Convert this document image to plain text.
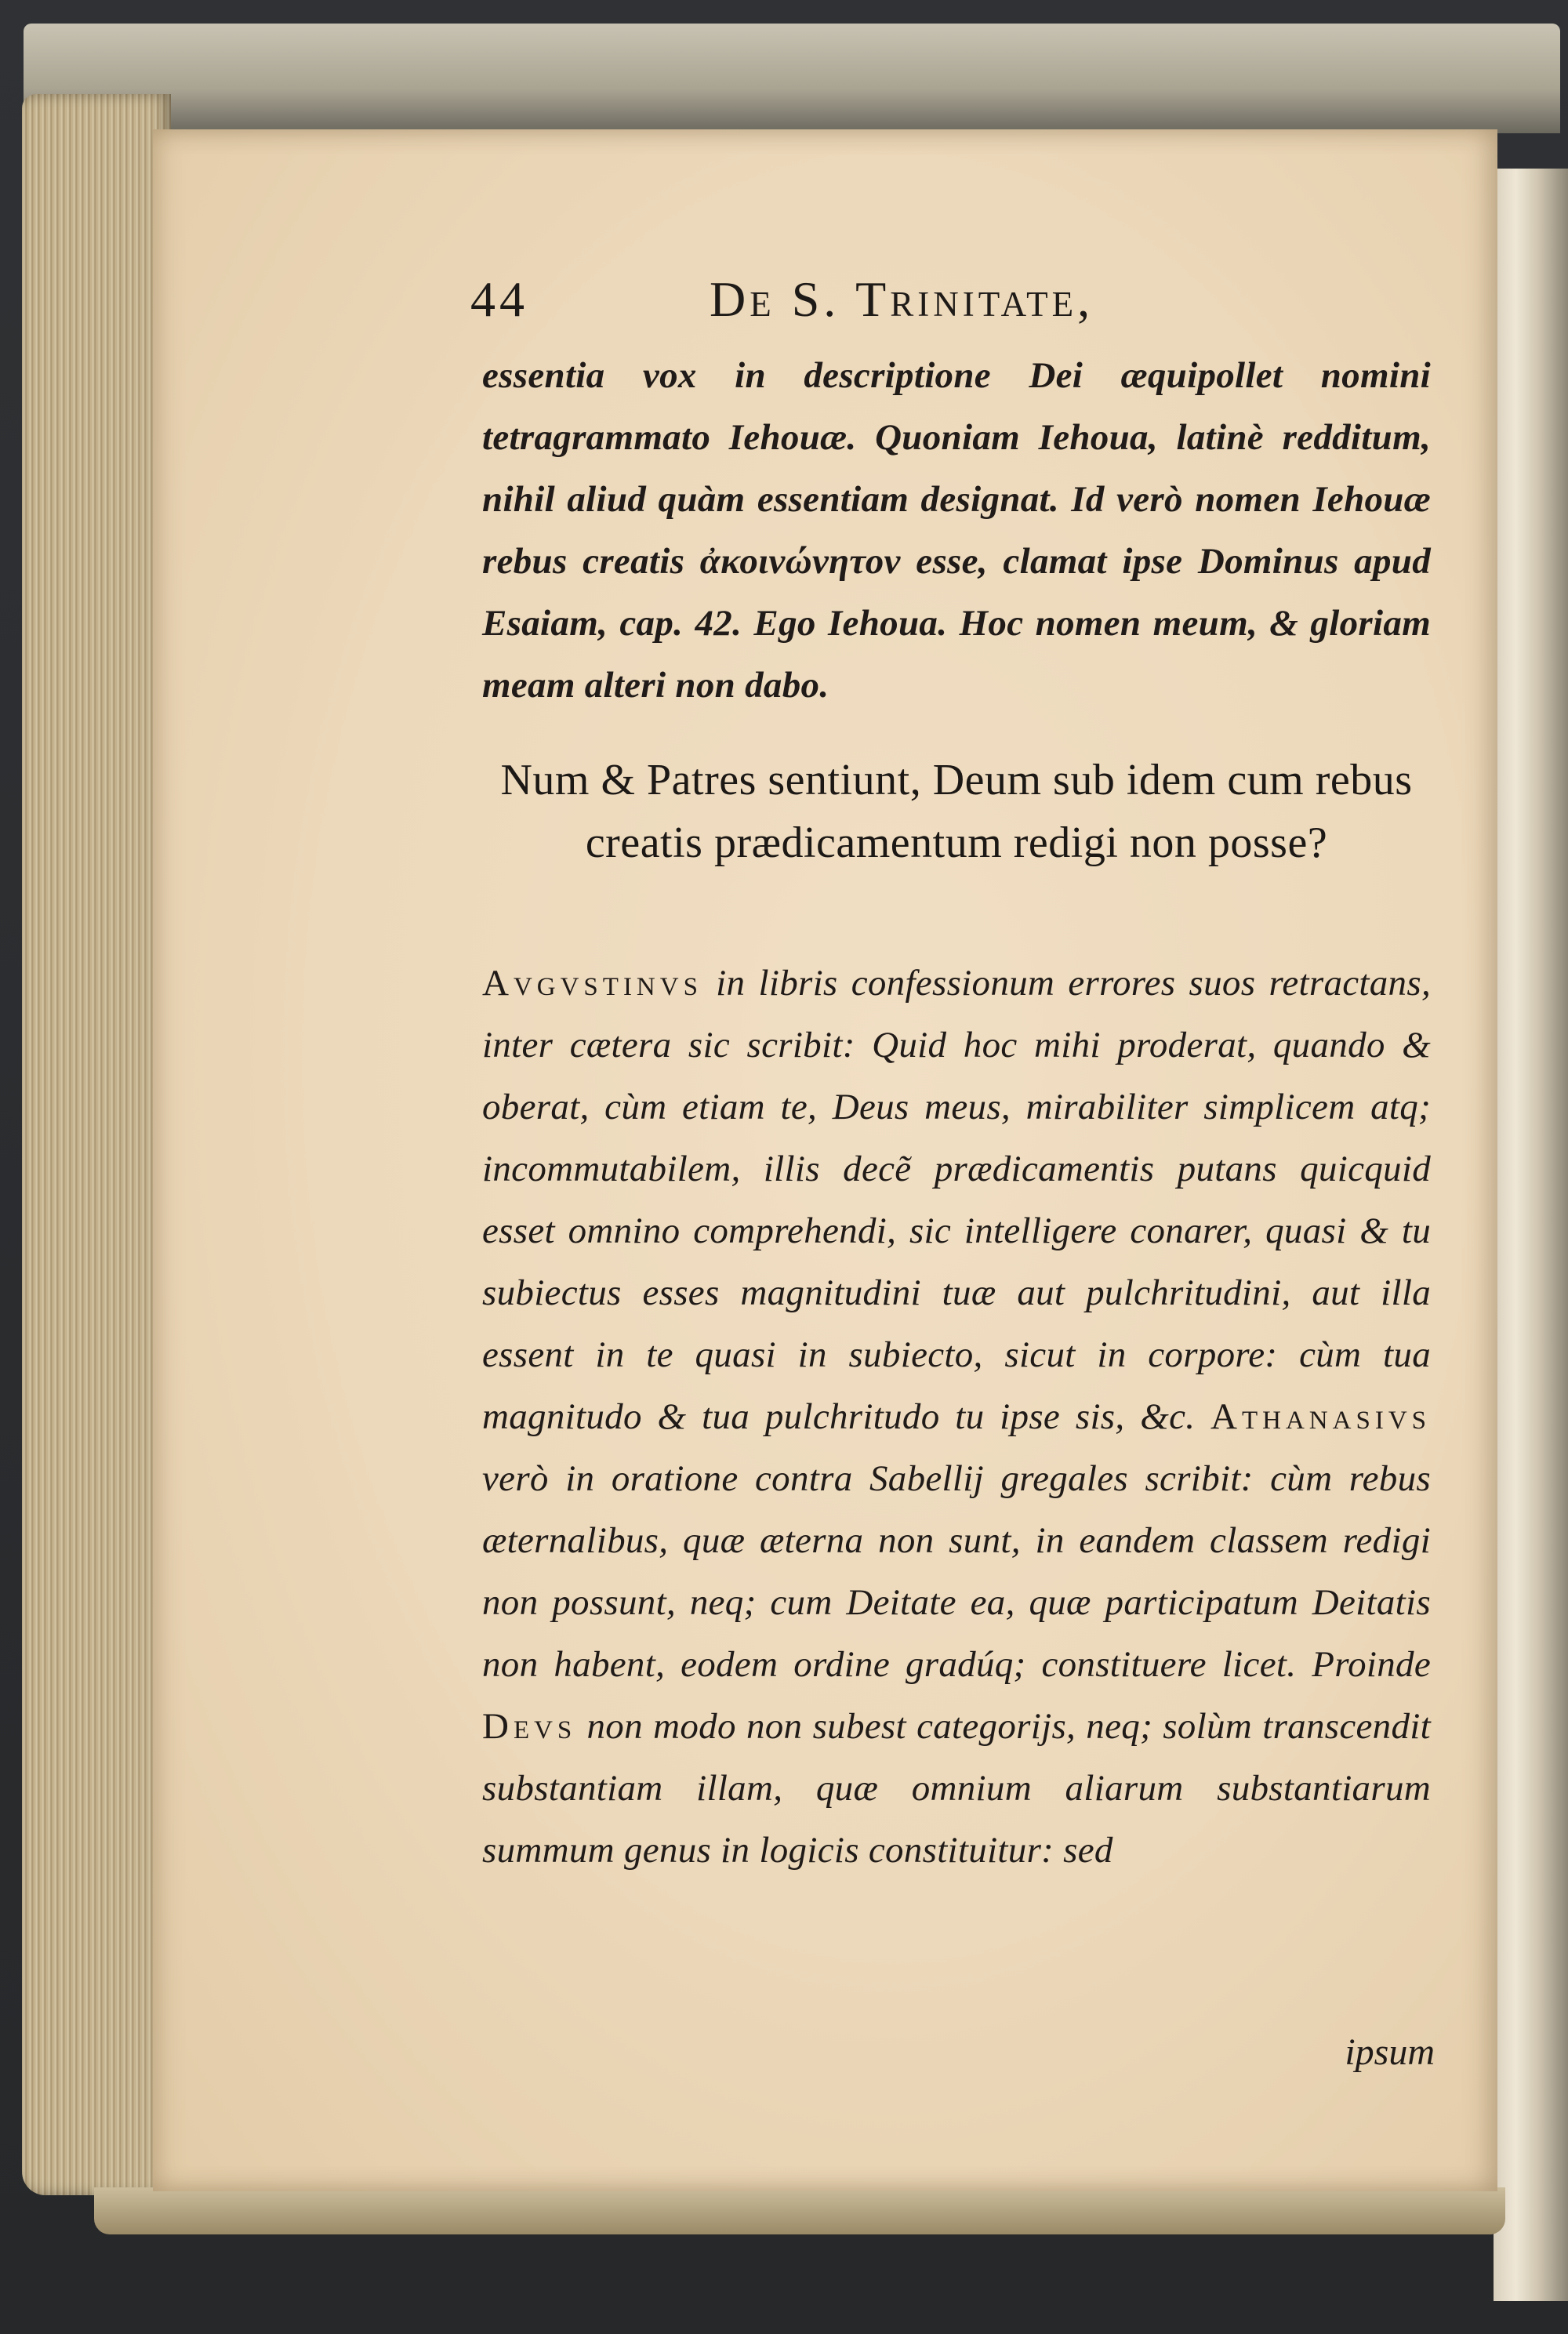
44	De S. Trinitate,
essentia vox in descriptione Dei æquipollet nomini tetragrammato Iehouæ. Quoniam Iehoua, latinè redditum, nihil aliud quàm essentiam designat. Id verò nomen Iehouæ rebus creatis ἀκοινώνητον esse, clamat ipse Dominus apud Esaiam, cap. 42. Ego Iehoua. Hoc nomen meum, & gloriam meam alteri non dabo.
Num & Patres sentiunt, Deum sub idem cum rebus creatis prædicamentum redigi non posse?
Avgvstinvs in libris confessionum errores suos retractans, inter cætera sic scribit: Quid hoc mihi proderat, quando & oberat, cùm etiam te, Deus meus, mirabiliter simplicem atq; incommutabilem, illis decẽ prædicamentis putans quicquid esset omnino comprehendi, sic intelligere conarer, quasi & tu subiectus esses magnitudini tuæ aut pulchritudini, aut illa essent in te quasi in subiecto, sicut in corpore: cùm tua magnitudo & tua pulchritudo tu ipse sis, &c. Athanasivs verò in oratione contra Sabellij gregales scribit: cùm rebus æternalibus, quæ æterna non sunt, in eandem classem redigi non possunt, neq; cum Deitate ea, quæ participatum Deitatis non habent, eodem ordine gradúq; constituere licet. Proinde Devs non modo non subest categorijs, neq; solùm transcendit substantiam illam, quæ omnium aliarum substantiarum summum genus in logicis constituitur: sed
ipsum
